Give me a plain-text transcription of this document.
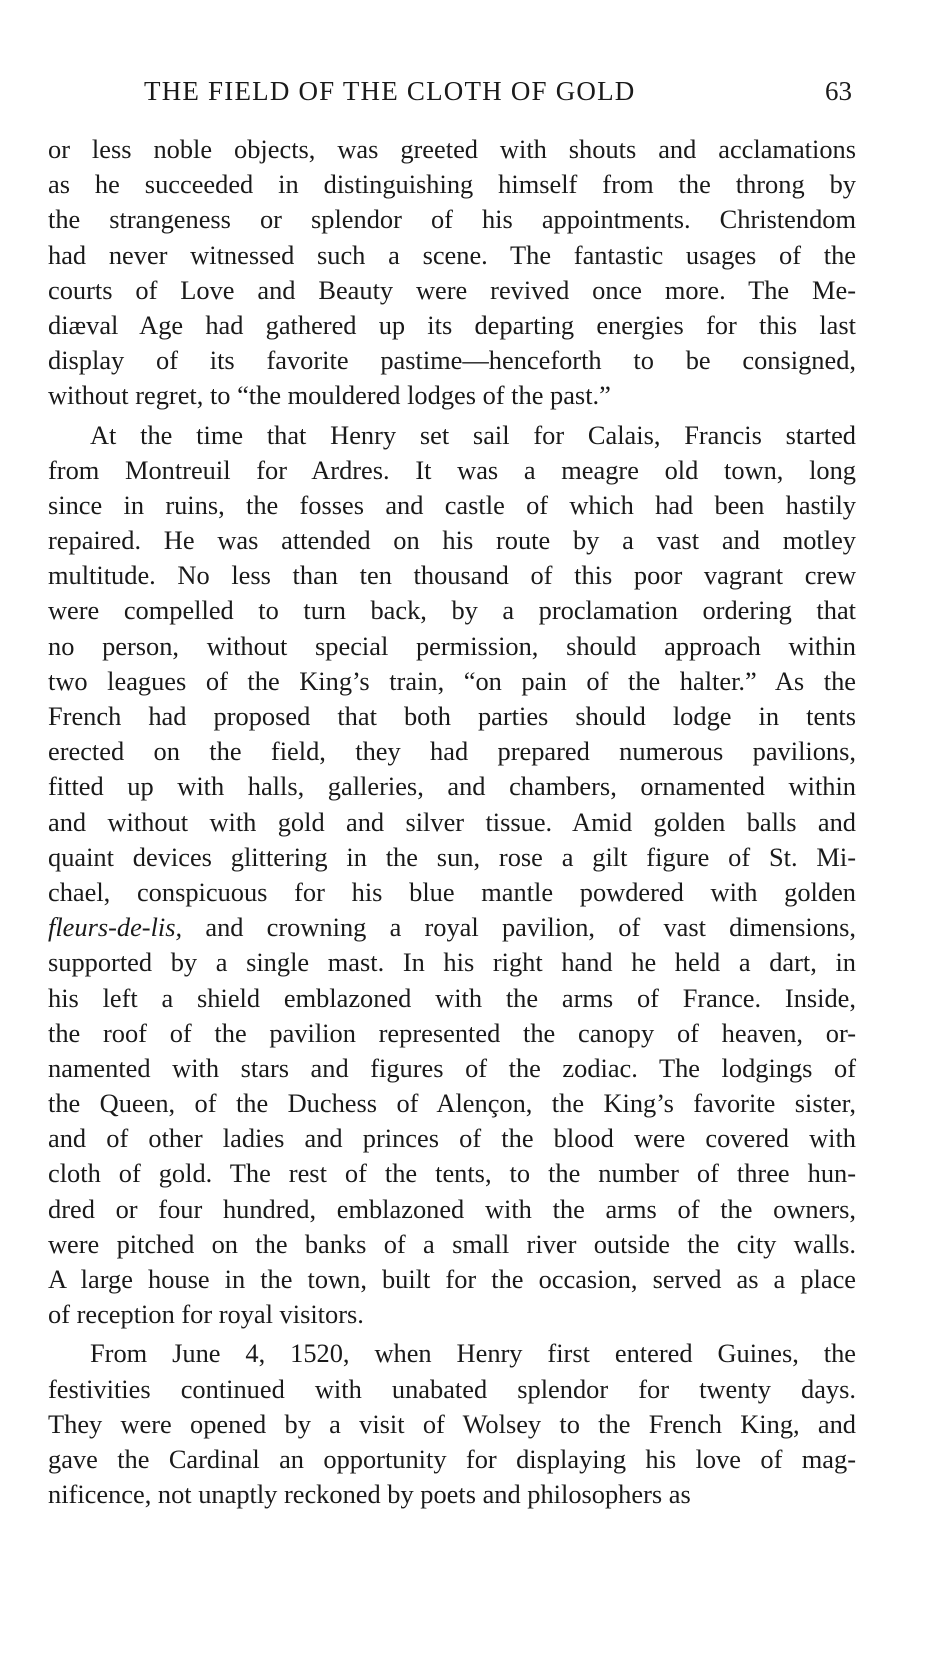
THE FIELD OF THE CLOTH OF GOLD	63
or less noble objects, was greeted with shouts and acclamations
as he succeeded in distinguishing himself from the throng by
the strangeness or splendor of his appointments. Christendom
had never witnessed such a scene. The fantastic usages of the
courts of Love and Beauty were revived once more. The Me-
diæval Age had gathered up its departing energies for this last
display of its favorite pastime—henceforth to be consigned,
without regret, to “the mouldered lodges of the past.”
At the time that Henry set sail for Calais, Francis started
from Montreuil for Ardres. It was a meagre old town, long
since in ruins, the fosses and castle of which had been hastily
repaired. He was attended on his route by a vast and motley
multitude. No less than ten thousand of this poor vagrant crew
were compelled to turn back, by a proclamation ordering that
no person, without special permission, should approach within
two leagues of the King’s train, “on pain of the halter.” As the
French had proposed that both parties should lodge in tents
erected on the field, they had prepared numerous pavilions,
fitted up with halls, galleries, and chambers, ornamented within
and without with gold and silver tissue. Amid golden balls and
quaint devices glittering in the sun, rose a gilt figure of St. Mi-
chael, conspicuous for his blue mantle powdered with golden
fleurs-de-lis, and crowning a royal pavilion, of vast dimensions,
supported by a single mast. In his right hand he held a dart, in
his left a shield emblazoned with the arms of France. Inside,
the roof of the pavilion represented the canopy of heaven, or-
namented with stars and figures of the zodiac. The lodgings of
the Queen, of the Duchess of Alençon, the King’s favorite sister,
and of other ladies and princes of the blood were covered with
cloth of gold. The rest of the tents, to the number of three hun-
dred or four hundred, emblazoned with the arms of the owners,
were pitched on the banks of a small river outside the city walls.
A large house in the town, built for the occasion, served as a place
of reception for royal visitors.
From June 4, 1520, when Henry first entered Guines, the
festivities continued with unabated splendor for twenty days.
They were opened by a visit of Wolsey to the French King, and
gave the Cardinal an opportunity for displaying his love of mag-
nificence, not unaptly reckoned by poets and philosophers as
